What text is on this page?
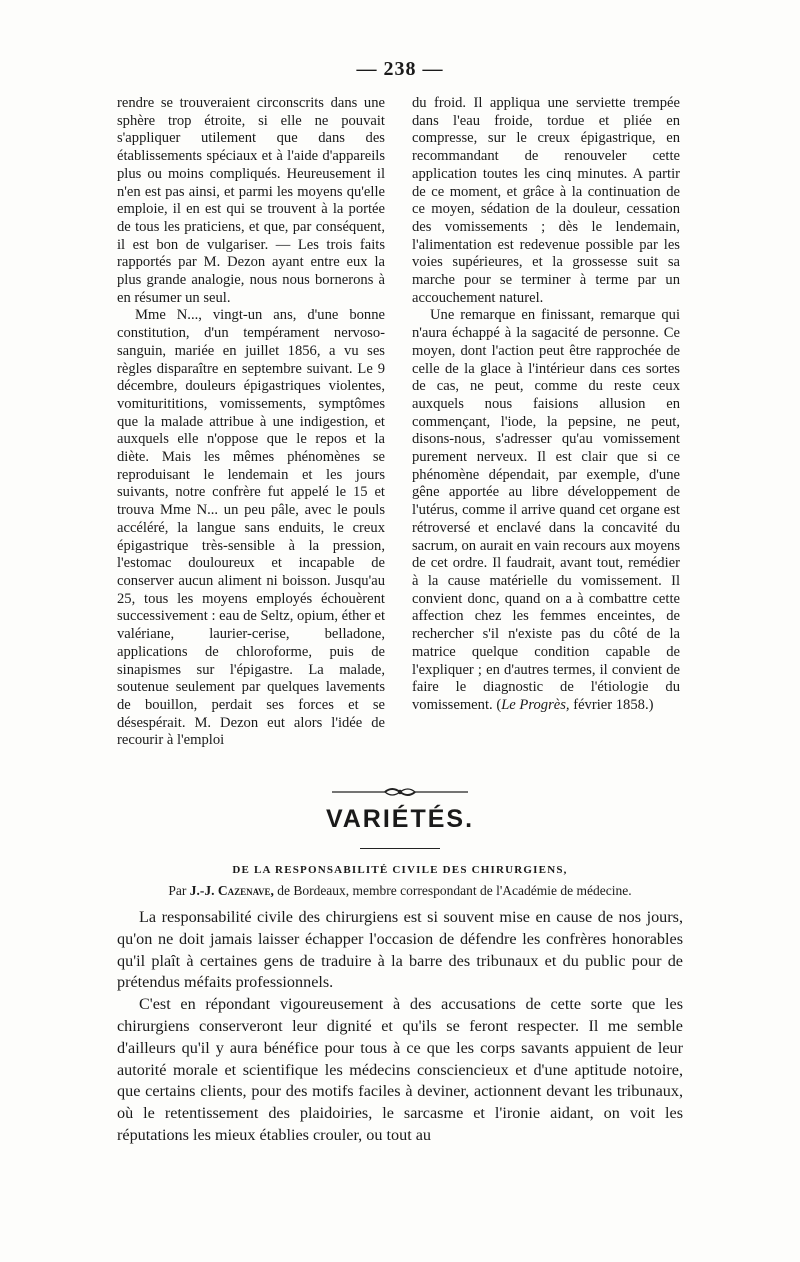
— 238 —

rendre se trouveraient circonscrits dans une sphère trop étroite, si elle ne pouvait s'appliquer utilement que dans des établissements spéciaux et à l'aide d'appareils plus ou moins compliqués. Heureusement il n'en est pas ainsi, et parmi les moyens qu'elle emploie, il en est qui se trouvent à la portée de tous les praticiens, et que, par conséquent, il est bon de vulgariser. — Les trois faits rapportés par M. Dezon ayant entre eux la plus grande analogie, nous nous bornerons à en résumer un seul.

Mme N..., vingt-un ans, d'une bonne constitution, d'un tempérament nervoso-sanguin, mariée en juillet 1856, a vu ses règles disparaître en septembre suivant. Le 9 décembre, douleurs épigastriques violentes, vomiturititions, vomissements, symptômes que la malade attribue à une indigestion, et auxquels elle n'oppose que le repos et la diète. Mais les mêmes phénomènes se reproduisant le lendemain et les jours suivants, notre confrère fut appelé le 15 et trouva Mme N... un peu pâle, avec le pouls accéléré, la langue sans enduits, le creux épigastrique très-sensible à la pression, l'estomac douloureux et incapable de conserver aucun aliment ni boisson. Jusqu'au 25, tous les moyens employés échouèrent successivement : eau de Seltz, opium, éther et valériane, laurier-cerise, belladone, applications de chloroforme, puis de sinapismes sur l'épigastre. La malade, soutenue seulement par quelques lavements de bouillon, perdait ses forces et se désespérait. M. Dezon eut alors l'idée de recourir à l'emploi

du froid. Il appliqua une serviette trempée dans l'eau froide, tordue et pliée en compresse, sur le creux épigastrique, en recommandant de renouveler cette application toutes les cinq minutes. A partir de ce moment, et grâce à la continuation de ce moyen, sédation de la douleur, cessation des vomissements ; dès le lendemain, l'alimentation est redevenue possible par les voies supérieures, et la grossesse suit sa marche pour se terminer à terme par un accouchement naturel.

Une remarque en finissant, remarque qui n'aura échappé à la sagacité de personne. Ce moyen, dont l'action peut être rapprochée de celle de la glace à l'intérieur dans ces sortes de cas, ne peut, comme du reste ceux auxquels nous faisions allusion en commençant, l'iode, la pepsine, ne peut, disons-nous, s'adresser qu'au vomissement purement nerveux. Il est clair que si ce phénomène dépendait, par exemple, d'une gêne apportée au libre développement de l'utérus, comme il arrive quand cet organe est rétroversé et enclavé dans la concavité du sacrum, on aurait en vain recours aux moyens de cet ordre. Il faudrait, avant tout, remédier à la cause matérielle du vomissement. Il convient donc, quand on a à combattre cette affection chez les femmes enceintes, de rechercher s'il n'existe pas du côté de la matrice quelque condition capable de l'expliquer ; en d'autres termes, il convient de faire le diagnostic de l'étiologie du vomissement. (Le Progrès, février 1858.)

VARIÉTÉS.
DE LA RESPONSABILITÉ CIVILE DES CHIRURGIENS,
Par J.-J. Cazenave, de Bordeaux, membre correspondant de l'Académie de médecine.

La responsabilité civile des chirurgiens est si souvent mise en cause de nos jours, qu'on ne doit jamais laisser échapper l'occasion de défendre les confrères honorables qu'il plaît à certaines gens de traduire à la barre des tribunaux et du public pour de prétendus méfaits professionnels.

C'est en répondant vigoureusement à des accusations de cette sorte que les chirurgiens conserveront leur dignité et qu'ils se feront respecter. Il me semble d'ailleurs qu'il y aura bénéfice pour tous à ce que les corps savants appuient de leur autorité morale et scientifique les médecins consciencieux et d'une aptitude notoire, que certains clients, pour des motifs faciles à deviner, actionnent devant les tribunaux, où le retentissement des plaidoiries, le sarcasme et l'ironie aidant, on voit les réputations les mieux établies crouler, ou tout au
